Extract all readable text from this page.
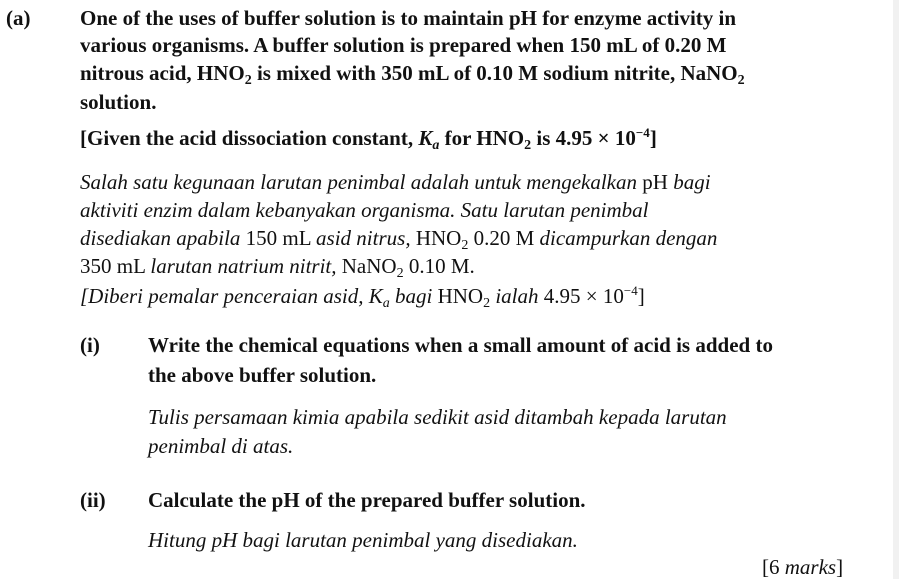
(a) One of the uses of buffer solution is to maintain pH for enzyme activity in
various organisms. A buffer solution is prepared when 150 mL of 0.20 M
nitrous acid, $HNO_2$ is mixed with 350 mL of 0.10 M sodium nitrite, NaNO$_2$
solution.
[Given the acid dissociation constant, $K_a$ for $HNO_2$ is $4.95 \times 10^{-4}$]
Salah satu kegunaan larutan penimbal adalah untuk mengekalkan pH bagi
aktiviti enzim dalam kebanyakan organisma. Satu larutan penimbal
disediakan apabila 150 mL asid nitrus, $HNO_2$ 0.20 M dicampurkan dengan
350 mL larutan natrium nitrit, NaNO$_2$ 0.10 M.
[Diberi pemalar penceraian asid, $K_a$ bagi $HNO_2$ ialah $4.95 \times 10^{-4}$]
(i) Write the chemical equations when a small amount of acid is added to
the above buffer solution.
Tulis persamaan kimia apabila sedikit asid ditambah kepada larutan
penimbal di atas.
(ii) Calculate the pH of the prepared buffer solution.
Hitung pH bagi larutan penimbal yang disediakan.
[6 marks]
